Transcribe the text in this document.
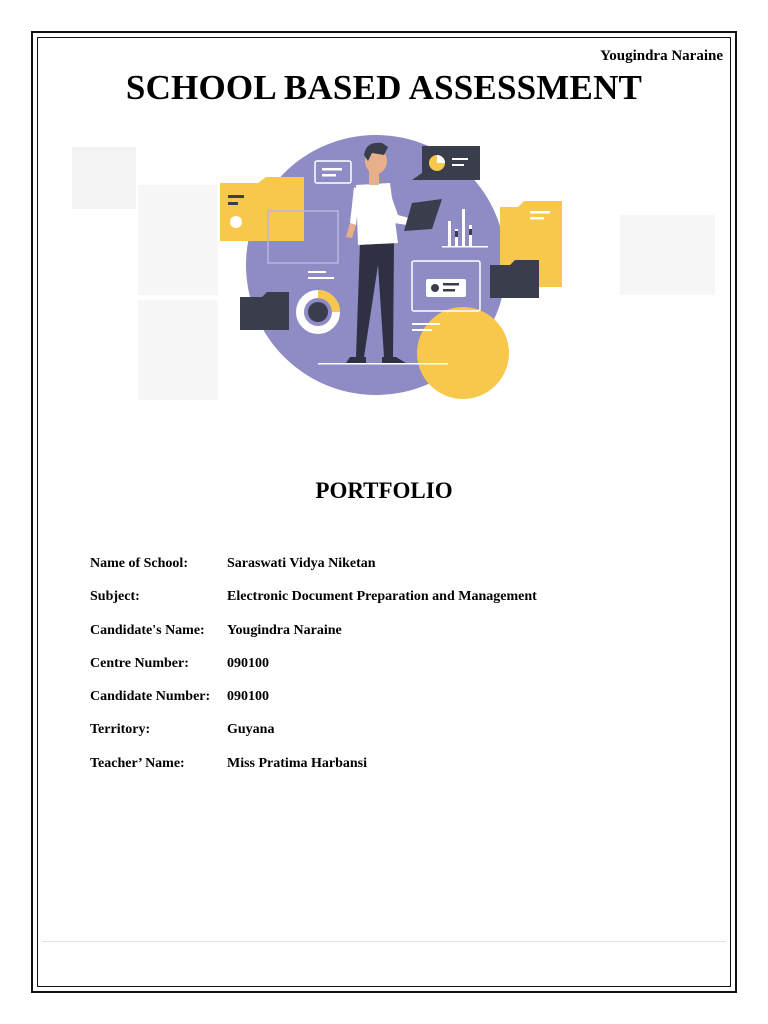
Yougindra Naraine
SCHOOL BASED ASSESSMENT
PORTFOLIO
Name of School:	Saraswati Vidya Niketan
Subject:	Electronic Document Preparation and Management
Candidate's Name:	Yougindra Naraine
Centre Number:	090100
Candidate Number:	090100
Territory:	Guyana
Teacher’ Name:	Miss Pratima Harbansi
